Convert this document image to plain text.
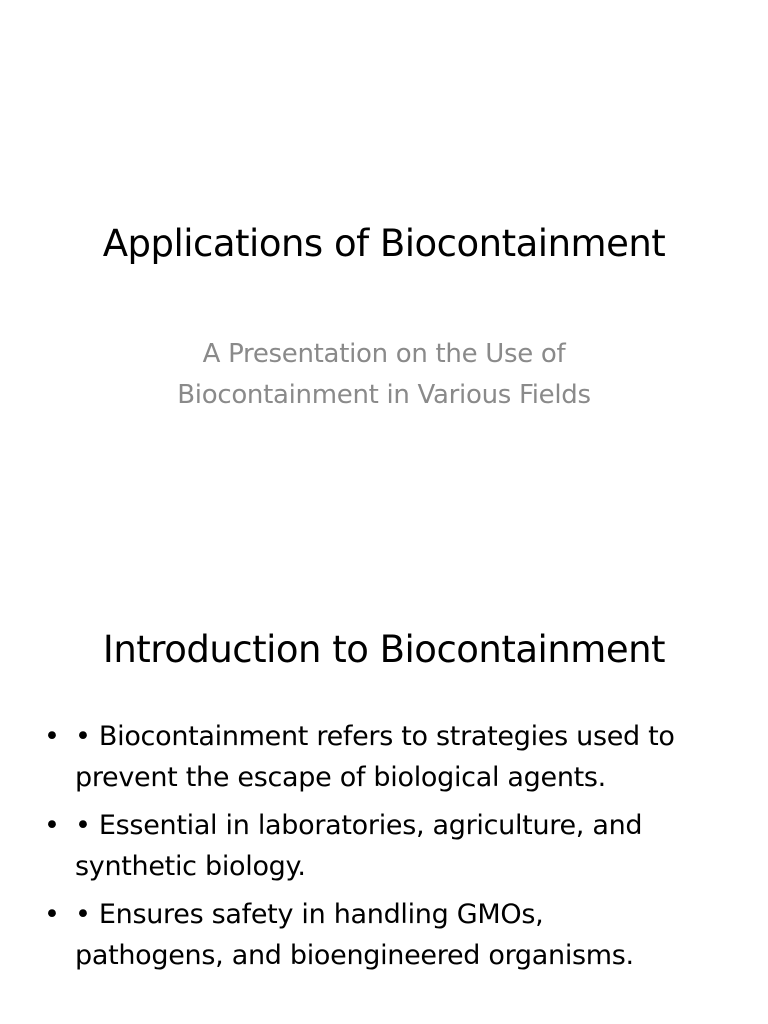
Applications of Biocontainment
A Presentation on the Use of
Biocontainment in Various Fields
Introduction to Biocontainment
• • Biocontainment refers to strategies used to
prevent the escape of biological agents.
• • Essential in laboratories, agriculture, and
synthetic biology.
• • Ensures safety in handling GMOs,
pathogens, and bioengineered organisms.
